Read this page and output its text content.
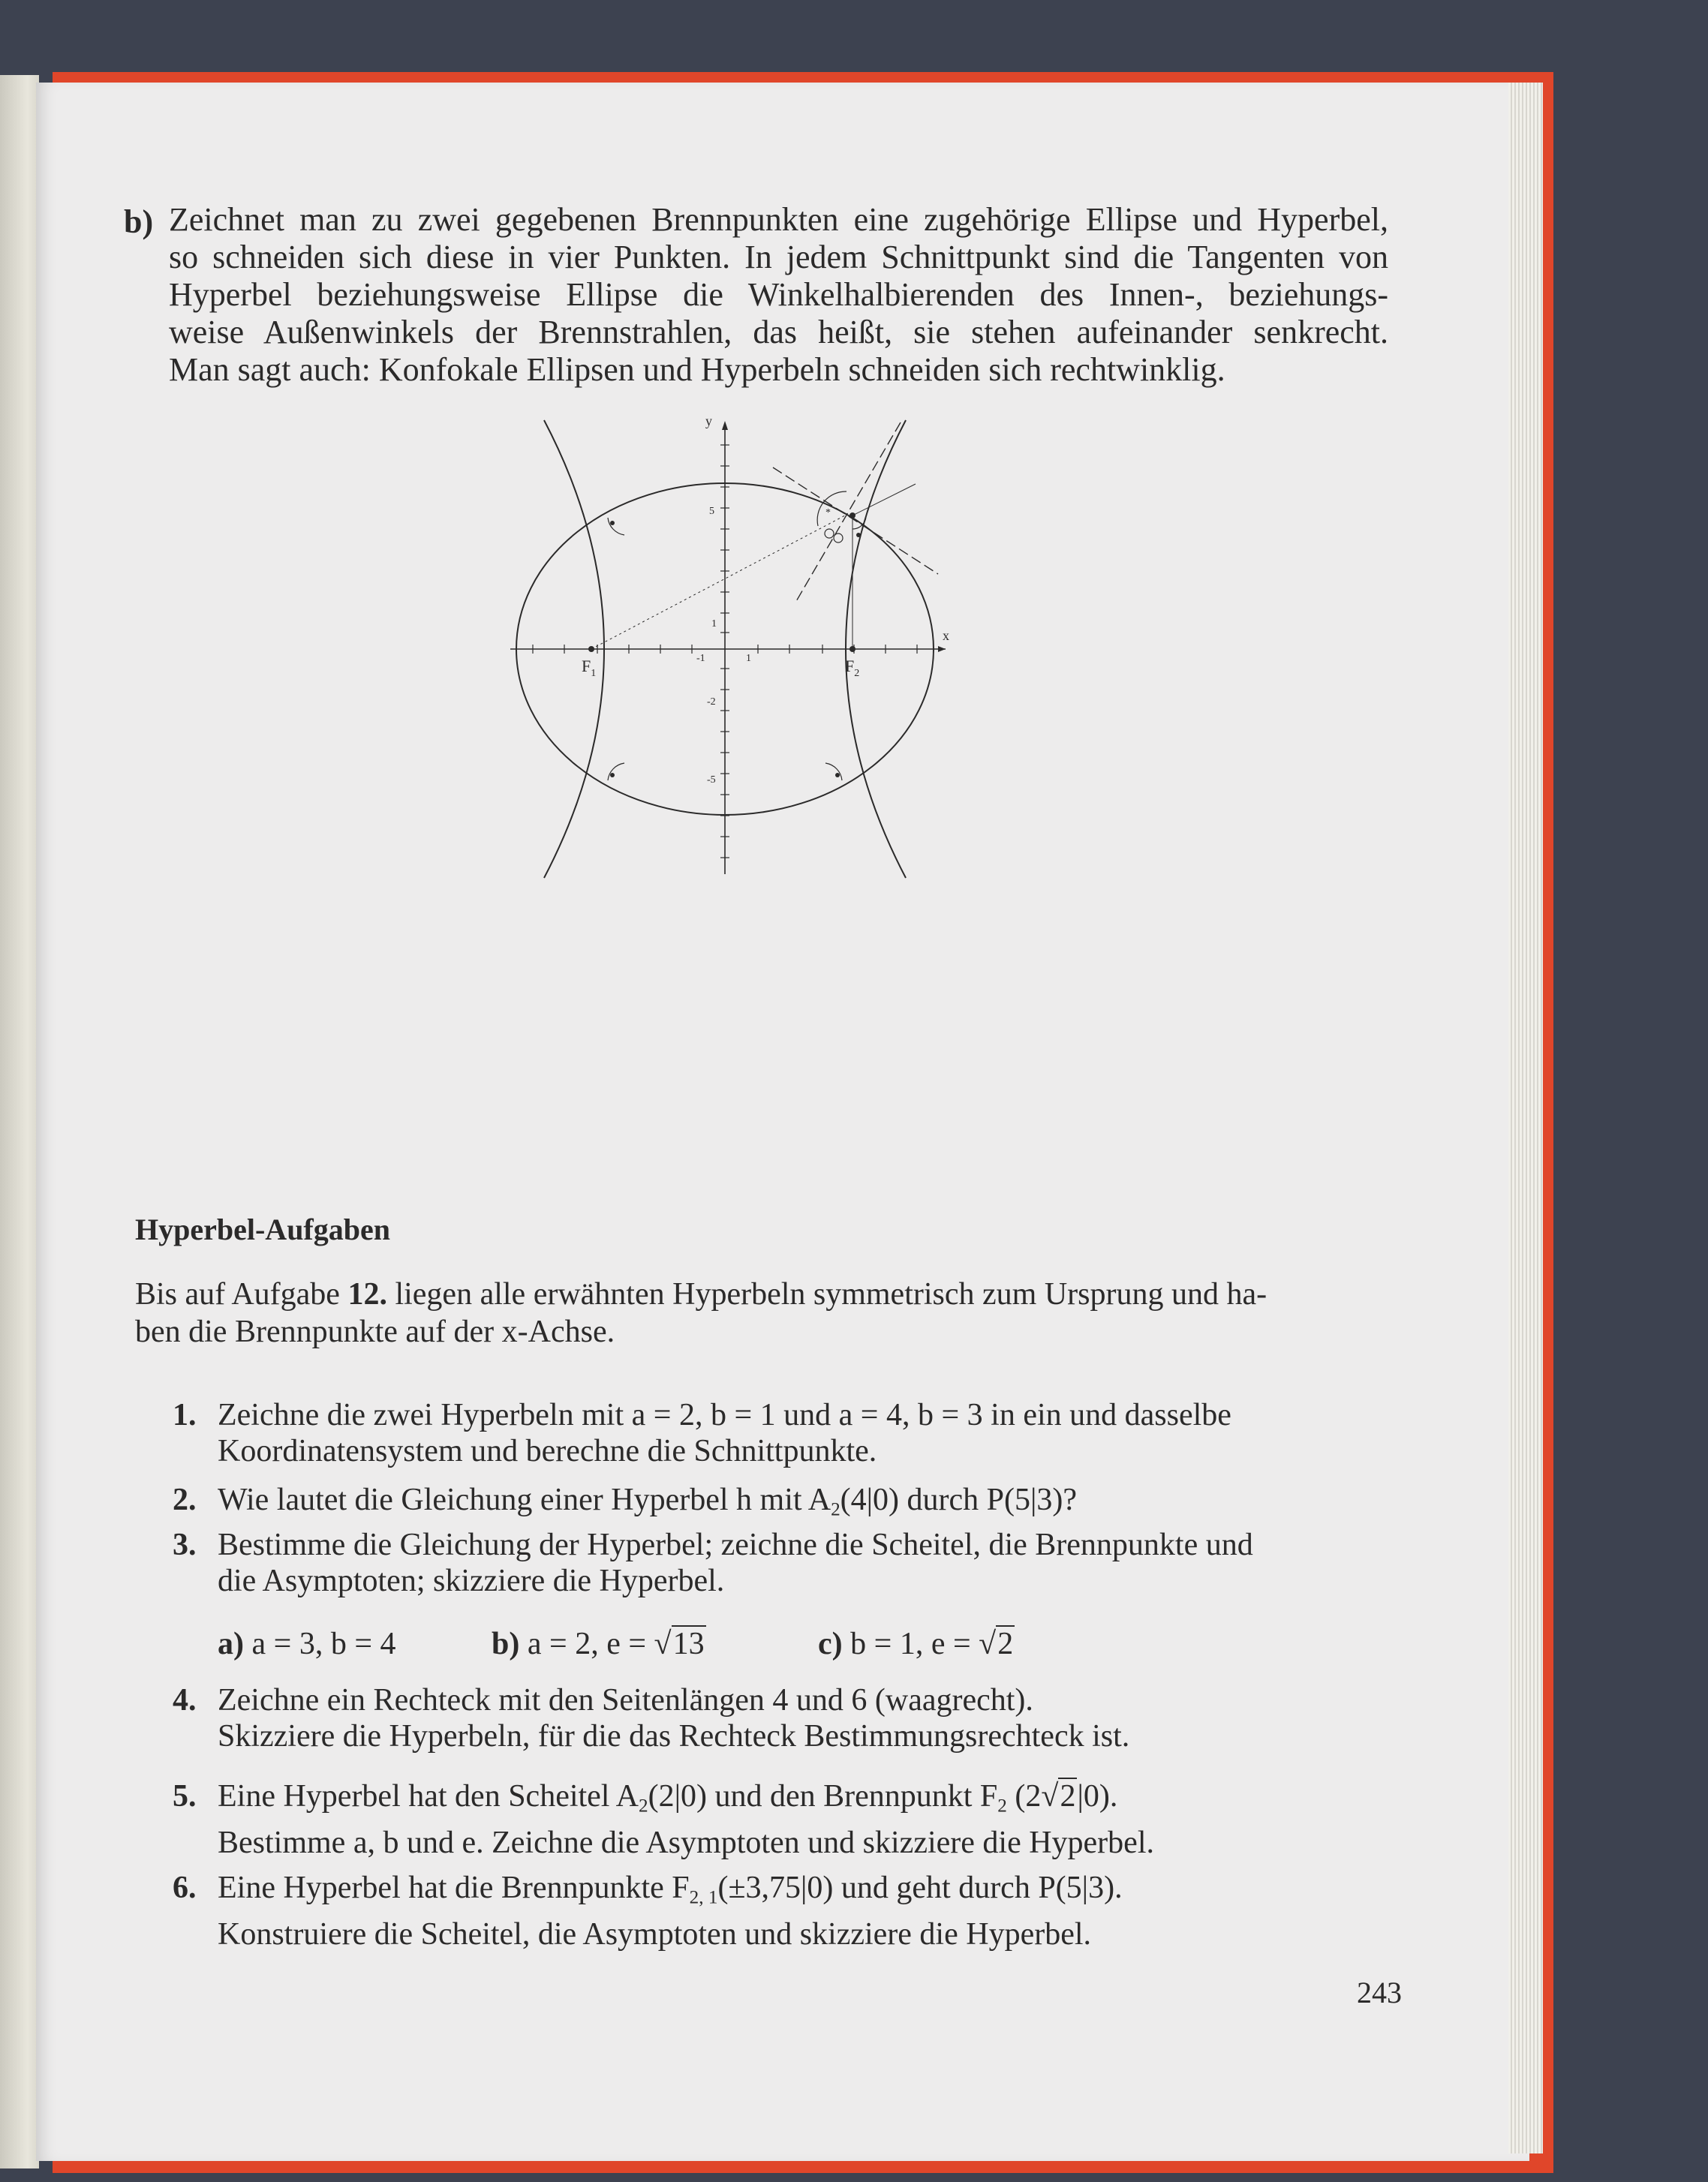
b) Zeichnet man zu zwei gegebenen Brennpunkten eine zugehörige Ellipse und Hyperbel,
so schneiden sich diese in vier Punkten. In jedem Schnittpunkt sind die Tangenten von
Hyperbel beziehungsweise Ellipse die Winkelhalbierenden des Innen-, beziehungs-
weise Außenwinkels der Brennstrahlen, das heißt, sie stehen aufeinander senkrecht.
Man sagt auch: Konfokale Ellipsen und Hyperbeln schneiden sich rechtwinklig.
*
y
x
5
1
-2
-5
-1	1
$F_1$	$F_2$
Hyperbel-Aufgaben
Bis auf Aufgabe 12. liegen alle erwähnten Hyperbeln symmetrisch zum Ursprung und ha-
ben die Brennpunkte auf der x-Achse.
1. Zeichne die zwei Hyperbeln mit a = 2, b = 1 und a = 4, b = 3 in ein und dasselbe
Koordinatensystem und berechne die Schnittpunkte.
2. Wie lautet die Gleichung einer Hyperbel h mit $A_2(4|0)$ durch P(5|3)?
3. Bestimme die Gleichung der Hyperbel; zeichne die Scheitel, die Brennpunkte und
die Asymptoten; skizziere die Hyperbel.
a) a = 3, b = 4	b) a = 2, e = √13	c) b = 1, e = √2
4. Zeichne ein Rechteck mit den Seitenlängen 4 und 6 (waagrecht).
Skizziere die Hyperbeln, für die das Rechteck Bestimmungsrechteck ist.
5. Eine Hyperbel hat den Scheitel $A_2(2|0)$ und den Brennpunkt $F_2$ (2√2|0).
Bestimme a, b und e. Zeichne die Asymptoten und skizziere die Hyperbel.
6. Eine Hyperbel hat die Brennpunkte $F_{2, 1}(\pm 3,75|0)$ und geht durch P(5|3).
Konstruiere die Scheitel, die Asymptoten und skizziere die Hyperbel.
243
